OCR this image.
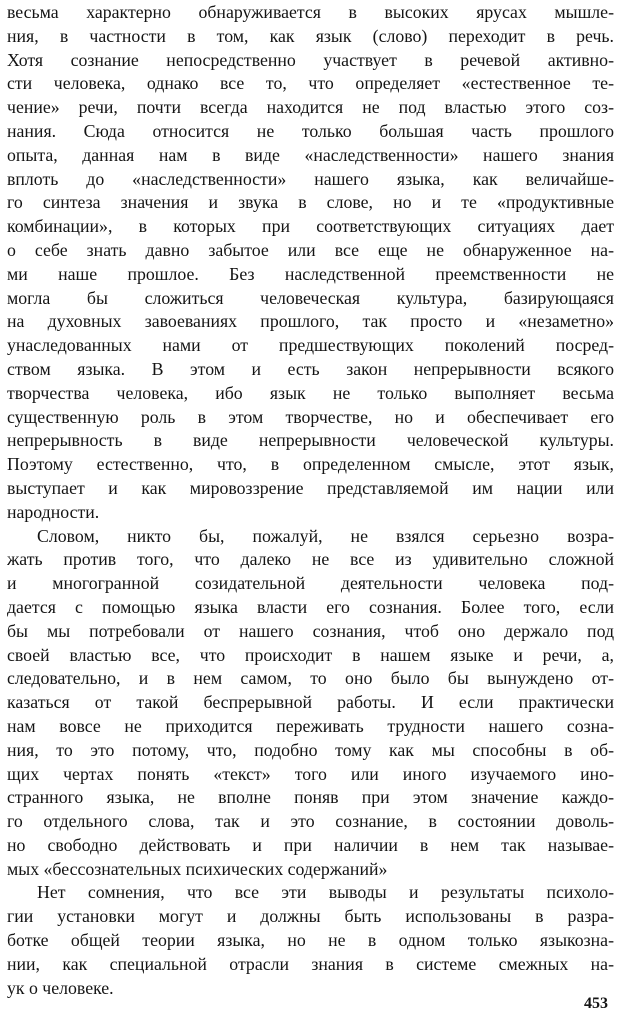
весьма характерно обнаруживается в высоких ярусах мышле-
ния, в частности в том, как язык (слово) переходит в речь.
Хотя сознание непосредственно участвует в речевой активно-
сти человека, однако все то, что определяет «естественное те-
чение» речи, почти всегда находится не под властью этого соз-
нания. Сюда относится не только большая часть прошлого
опыта, данная нам в виде «наследственности» нашего знания
вплоть до «наследственности» нашего языка, как величайше-
го синтеза значения и звука в слове, но и те «продуктивные
комбинации», в которых при соответствующих ситуациях дает
о себе знать давно забытое или все еще не обнаруженное на-
ми наше прошлое. Без наследственной преемственности не
могла бы сложиться человеческая культура, базирующаяся
на духовных завоеваниях прошлого, так просто и «незаметно»
унаследованных нами от предшествующих поколений посред-
ством языка. В этом и есть закон непрерывности всякого
творчества человека, ибо язык не только выполняет весьма
существенную роль в этом творчестве, но и обеспечивает его
непрерывность в виде непрерывности человеческой культуры.
Поэтому естественно, что, в определенном смысле, этот язык,
выступает и как мировоззрение представляемой им нации или
народности.
Словом, никто бы, пожалуй, не взялся серьезно возра-
жать против того, что далеко не все из удивительно сложной
и многогранной созидательной деятельности человека под-
дается с помощью языка власти его сознания. Более того, если
бы мы потребовали от нашего сознания, чтоб оно держало под
своей властью все, что происходит в нашем языке и речи, а,
следовательно, и в нем самом, то оно было бы вынуждено от-
казаться от такой беспрерывной работы. И если практически
нам вовсе не приходится переживать трудности нашего созна-
ния, то это потому, что, подобно тому как мы способны в об-
щих чертах понять «текст» того или иного изучаемого ино-
странного языка, не вполне поняв при этом значение каждо-
го отдельного слова, так и это сознание, в состоянии доволь-
но свободно действовать и при наличии в нем так называе-
мых «бессознательных психических содержаний»
Нет сомнения, что все эти выводы и результаты психоло-
гии установки могут и должны быть использованы в разра-
ботке общей теории языка, но не в одном только языкозна-
нии, как специальной отрасли знания в системе смежных на-
ук о человеке.
453
